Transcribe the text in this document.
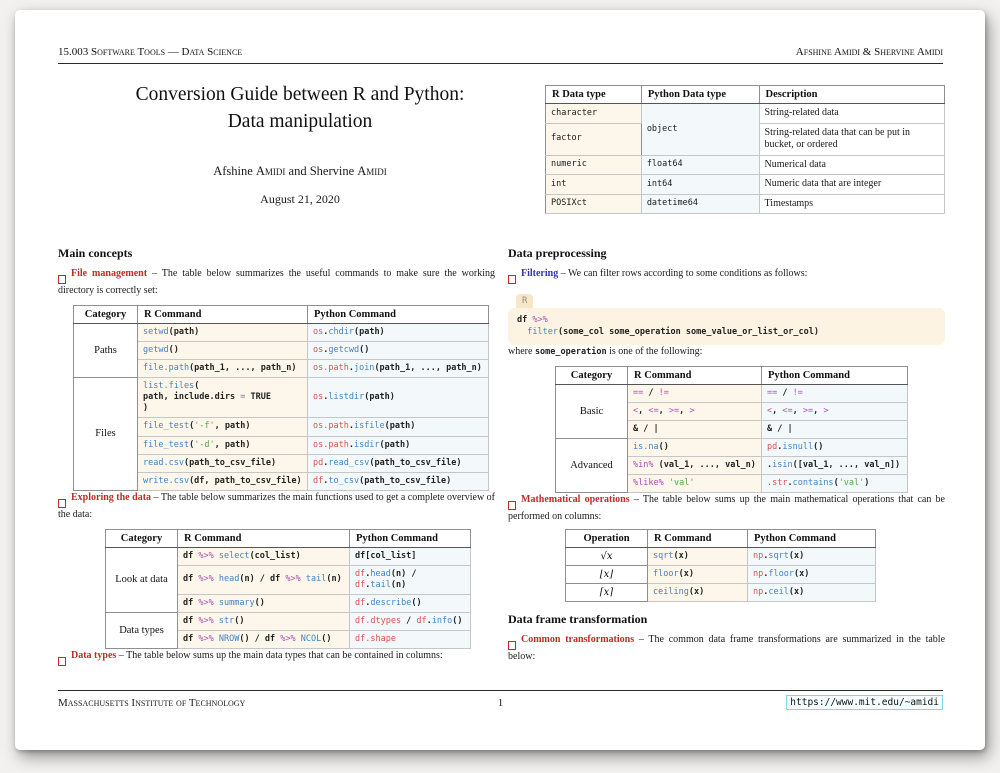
15.003 Software Tools — Data Science	Afshine Amidi & Shervine Amidi
Conversion Guide between R and Python:
Data manipulation
Afshine Amidi and Shervine Amidi
August 21, 2020
R Data type	Python Data type	Description
character	object	String-related data
factor		String-related data that can be put in bucket, or ordered
numeric	float64	Numerical data
int	int64	Numeric data that are integer
POSIXct	datetime64	Timestamps
Main concepts

File management – The table below summarizes the useful commands to make sure the working directory is correctly set:

Category	R Command	Python Command
Paths	setwd(path)	os.chdir(path)
	getwd()	os.getcwd()
	file.path(path_1, ..., path_n)	os.path.join(path_1, ..., path_n)
Files	list.files(
path, include.dirs = TRUE
)	os.listdir(path)
	file_test('-f', path)	os.path.isfile(path)
	file_test('-d', path)	os.path.isdir(path)
	read.csv(path_to_csv_file)	pd.read_csv(path_to_csv_file)
	write.csv(df, path_to_csv_file)	df.to_csv(path_to_csv_file)

Exploring the data – The table below summarizes the main functions used to get a complete overview of the data:

Category	R Command	Python Command
Look at data	df %>% select(col_list)	df[col_list]
	df %>% head(n) / df %>% tail(n)	df.head(n) / df.tail(n)
	df %>% summary()	df.describe()
Data types	df %>% str()	df.dtypes / df.info()
	df %>% NROW() / df %>% NCOL()	df.shape

Data types – The table below sums up the main data types that can be contained in columns:

Data preprocessing

Filtering – We can filter rows according to some conditions as follows:

R
df %>%
filter(some_col some_operation some_value_or_list_or_col)

where some_operation is one of the following:

Category	R Command	Python Command
Basic	== / !=	== / !=
	<, <=, >=, >	<, <=, >=, >
	& / |	& / |
Advanced	is.na()	pd.isnull()
	%in% (val_1, ..., val_n)	.isin([val_1, ..., val_n])
	%like% 'val'	.str.contains('val')

Mathematical operations – The table below sums up the main mathematical operations that can be performed on columns:

Operation	R Command	Python Command
√x	sqrt(x)	np.sqrt(x)
⌊x⌋	floor(x)	np.floor(x)
⌈x⌉	ceiling(x)	np.ceil(x)
Data frame transformation

Common transformations – The common data frame transformations are summarized in the table below:

Massachusetts Institute of Technology	1	https://www.mit.edu/~amidi
